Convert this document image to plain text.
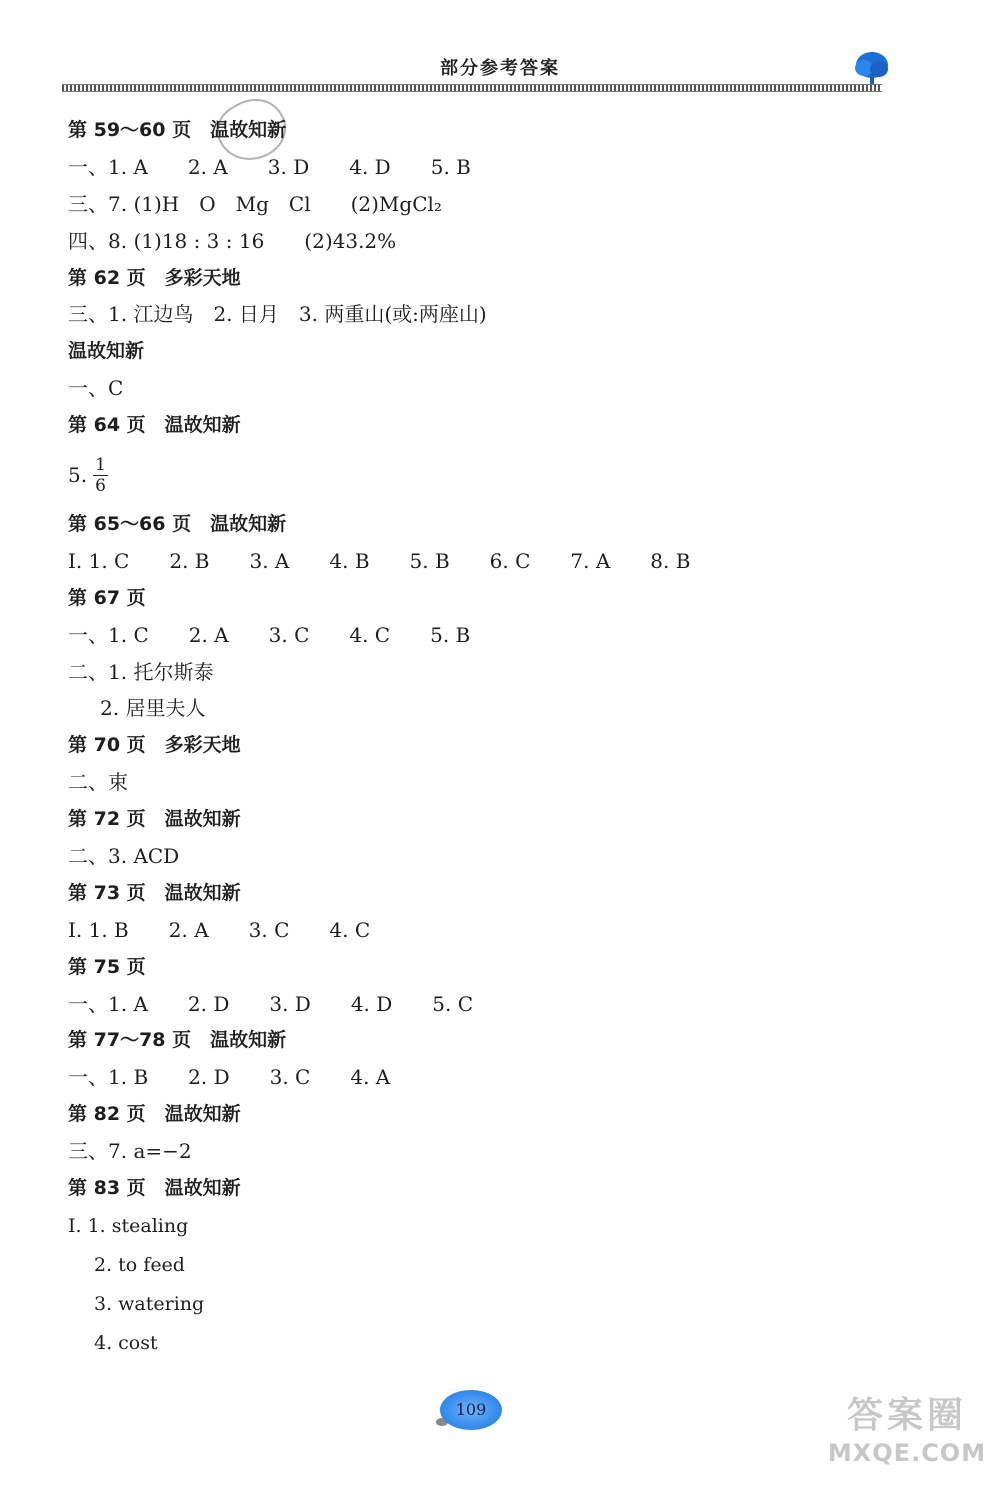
部分参考答案
第 59～60 页　温故知新
一、1. A　　2. A　　3. D　　4. D　　5. B
三、7. (1)H　O　Mg　Cl　　(2)MgCl₂
四、8. (1)18 : 3 : 16　　(2)43.2%
第 62 页　多彩天地
三、1. 江边鸟　2. 日月　3. 两重山(或:两座山)
温故知新
一、C
第 64 页　温故知新
5. $\frac{1}{6}$
第 65～66 页　温故知新
Ⅰ. 1. C　　2. B　　3. A　　4. B　　5. B　　6. C　　7. A　　8. B
第 67 页
一、1. C　　2. A　　3. C　　4. C　　5. B
二、1. 托尔斯泰
2. 居里夫人
第 70 页　多彩天地
二、束
第 72 页　温故知新
二、3. ACD
第 73 页　温故知新
Ⅰ. 1. B　　2. A　　3. C　　4. C
第 75 页
一、1. A　　2. D　　3. D　　4. D　　5. C
第 77～78 页　温故知新
一、1. B　　2. D　　3. C　　4. A
第 82 页　温故知新
三、7. a=−2
第 83 页　温故知新
Ⅰ. 1. stealing
2. to feed
3. watering
4. cost
109	答案圈
MXQE.COM
